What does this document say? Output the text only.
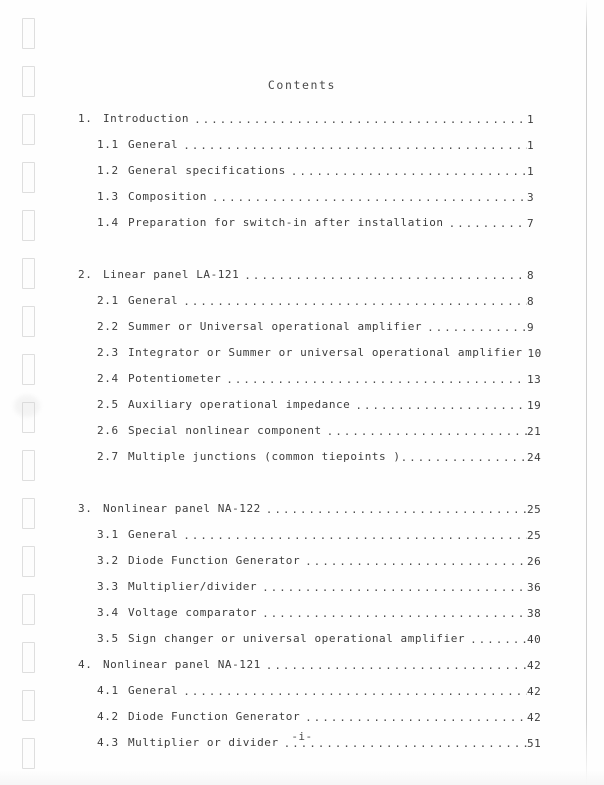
Contents
1. Introduction .....	1
1.1 General .....	1
1.2 General specifications .....	1
1.3 Composition .....	3
1.4 Preparation for switch-in after installation .....	7
2. Linear panel LA-121 .....	8
2.1 General .....	8
2.2 Summer or Universal operational amplifier .....	9
2.3 Integrator or Summer or universal operational amplifier 10
2.4 Potentiometer .....	13
2.5 Auxiliary operational impedance .....	19
2.6 Special nonlinear component .....	21
2.7 Multiple junctions (common tiepoints ) .....	24
3. Nonlinear panel NA-122 .....	25
3.1 General .....	25
3.2 Diode Function Generator .....	26
3.3 Multiplier/divider .....	36
3.4 Voltage comparator .....	38
3.5 Sign changer or universal operational amplifier .....	40
4. Nonlinear panel NA-121 .....	42
4.1 General .....	42
4.2 Diode Function Generator .....	42
4.3 Multiplier or divider .....	51
-i-
